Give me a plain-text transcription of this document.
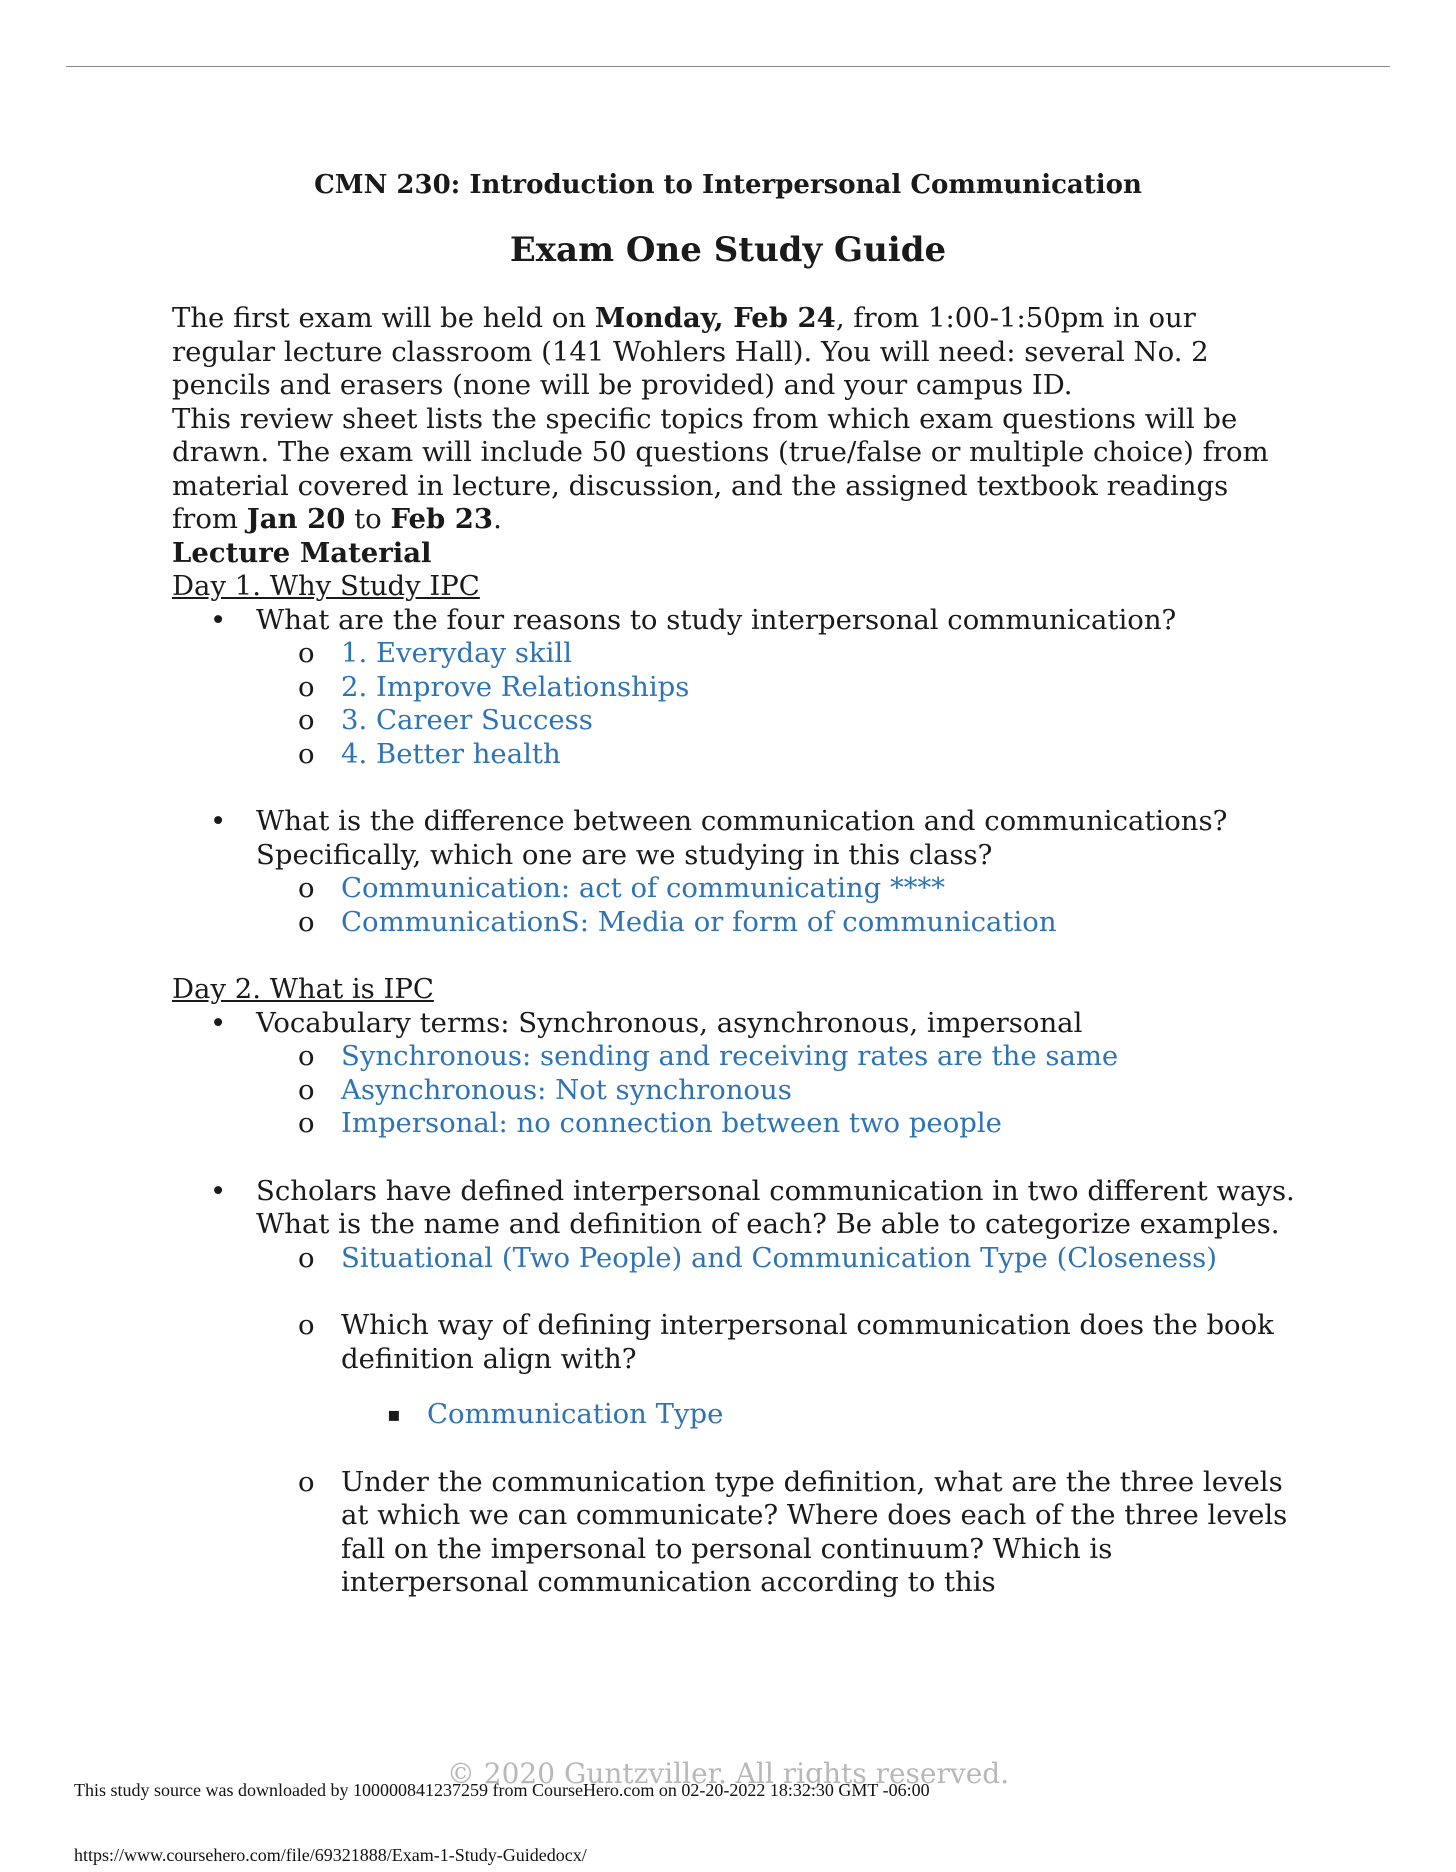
CMN 230: Introduction to Interpersonal Communication
Exam One Study Guide

The first exam will be held on Monday, Feb 24, from 1:00-1:50pm in our regular lecture classroom (141 Wohlers Hall). You will need: several No. 2 pencils and erasers (none will be provided) and your campus ID.

This review sheet lists the specific topics from which exam questions will be drawn. The exam will include 50 questions (true/false or multiple choice) from material covered in lecture, discussion, and the assigned textbook readings from Jan 20 to Feb 23.

Lecture Material

Day 1. Why Study IPC

• What are the four reasons to study interpersonal communication?
o 1. Everyday skill
o 2. Improve Relationships
o 3. Career Success
o 4. Better health
• What is the difference between communication and communications? Specifically, which one are we studying in this class?
o Communication: act of communicating ****
o CommunicationS: Media or form of communication

Day 2. What is IPC

• Vocabulary terms: Synchronous, asynchronous, impersonal
o Synchronous: sending and receiving rates are the same
o Asynchronous: Not synchronous
o Impersonal: no connection between two people
• Scholars have defined interpersonal communication in two different ways. What is the name and definition of each? Be able to categorize examples.
o Situational (Two People) and Communication Type (Closeness)
o Which way of defining interpersonal communication does the book definition align with?
▪ Communication Type
o Under the communication type definition, what are the three levels at which we can communicate? Where does each of the three levels fall on the impersonal to personal continuum? Which is interpersonal communication according to this
© 2020 Guntzviller. All rights reserved.
This study source was downloaded by 100000841237259 from CourseHero.com on 02-20-2022 18:32:30 GMT -06:00
https://www.coursehero.com/file/69321888/Exam-1-Study-Guidedocx/
